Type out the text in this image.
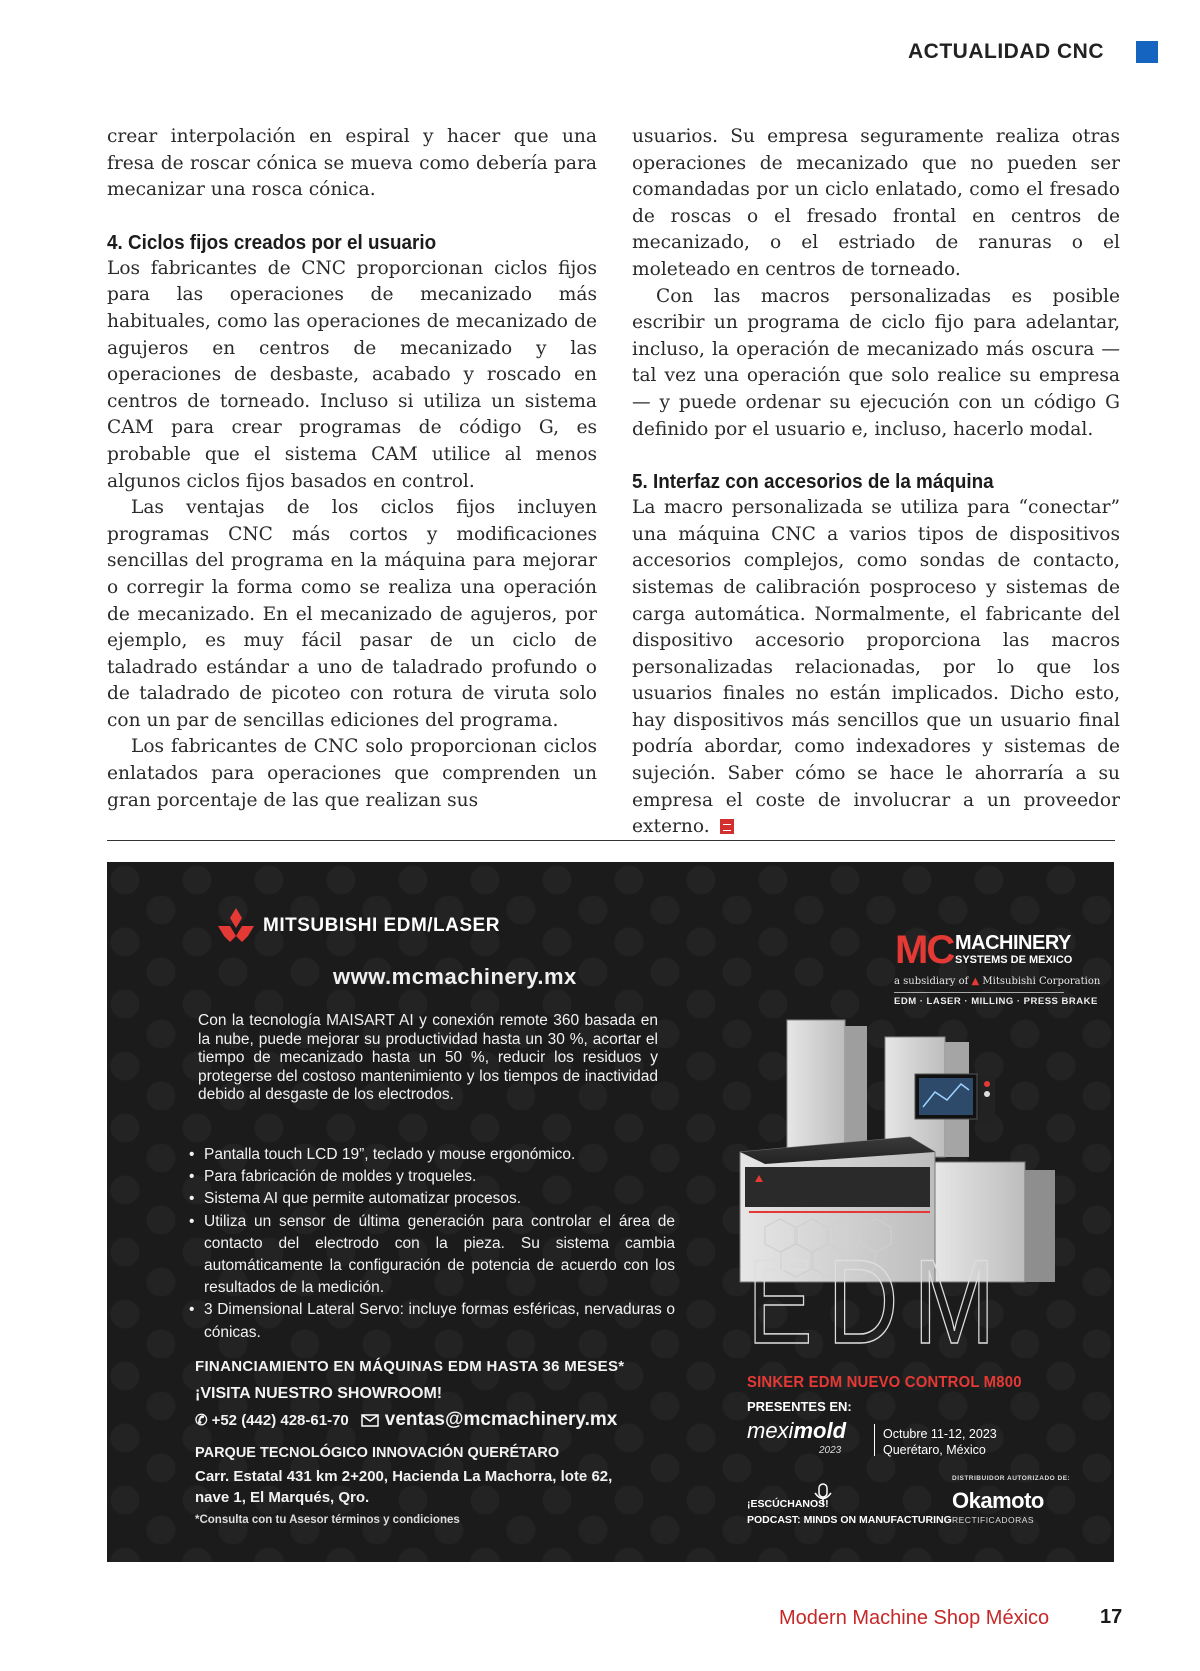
ACTUALIDAD CNC

crear interpolación en espiral y hacer que una fresa de roscar cónica se mueva como debería para mecanizar una rosca cónica.

4. Ciclos fijos creados por el usuario

Los fabricantes de CNC proporcionan ciclos fijos para las operaciones de mecanizado más habituales, como las operaciones de mecanizado de agujeros en centros de mecanizado y las operaciones de desbaste, acabado y roscado en centros de torneado. Incluso si utiliza un sistema CAM para crear programas de código G, es probable que el sistema CAM utilice al menos algunos ciclos fijos basados en control.

Las ventajas de los ciclos fijos incluyen programas CNC más cortos y modificaciones sencillas del programa en la máquina para mejorar o corregir la forma como se realiza una operación de mecanizado. En el mecanizado de agujeros, por ejemplo, es muy fácil pasar de un ciclo de taladrado estándar a uno de taladrado profundo o de taladrado de picoteo con rotura de viruta solo con un par de sencillas ediciones del programa.

Los fabricantes de CNC solo proporcionan ciclos enlatados para operaciones que comprenden un gran porcentaje de las que realizan sus

usuarios. Su empresa seguramente realiza otras operaciones de mecanizado que no pueden ser comandadas por un ciclo enlatado, como el fresado de roscas o el fresado frontal en centros de mecanizado, o el estriado de ranuras o el moleteado en centros de torneado.

Con las macros personalizadas es posible escribir un programa de ciclo fijo para adelantar, incluso, la operación de mecanizado más oscura —tal vez una operación que solo realice su empresa— y puede ordenar su ejecución con un código G definido por el usuario e, incluso, hacerlo modal.

5. Interfaz con accesorios de la máquina

La macro personalizada se utiliza para “conectar” una máquina CNC a varios tipos de dispositivos accesorios complejos, como sondas de contacto, sistemas de calibración posproceso y sistemas de carga automática. Normalmente, el fabricante del dispositivo accesorio proporciona las macros personalizadas relacionadas, por lo que los usuarios finales no están implicados. Dicho esto, hay dispositivos más sencillos que un usuario final podría abordar, como indexadores y sistemas de sujeción. Saber cómo se hace le ahorraría a su empresa el coste de involucrar a un proveedor externo.

MITSUBISHI EDM/LASER
www.mcmachinery.mx
Con la tecnología MAISART AI y conexión remote 360 basada en la nube, puede mejorar su productividad hasta un 30 %, acortar el tiempo de mecanizado hasta un 50 %, reducir los residuos y protegerse del costoso mantenimiento y los tiempos de inactividad debido al desgaste de los electrodos.
• Pantalla touch LCD 19”, teclado y mouse ergonómico.
• Para fabricación de moldes y troqueles.
• Sistema AI que permite automatizar procesos.
• Utiliza un sensor de última generación para controlar el área de contacto del electrodo con la pieza. Su sistema cambia automáticamente la configuración de potencia de acuerdo con los resultados de la medición.
• 3 Dimensional Lateral Servo: incluye formas esféricas, nervaduras o cónicas.
FINANCIAMIENTO EN MÁQUINAS EDM HASTA 36 MESES*
¡VISITA NUESTRO SHOWROOM!
✆ +52 (442) 428-61-70 ventas@mcmachinery.mx
PARQUE TECNOLÓGICO INNOVACIÓN QUERÉTARO
Carr. Estatal 431 km 2+200, Hacienda La Machorra, lote 62,
nave 1, El Marqués, Qro.
*Consulta con tu Asesor términos y condiciones
MC MACHINERY
SYSTEMS DE MEXICO
a subsidiary of ▲ Mitsubishi Corporation
EDM · LASER · MILLING · PRESS BRAKE
EDM
SINKER EDM NUEVO CONTROL M800
PRESENTES EN:
meximold
2023
Octubre 11-12, 2023
Querétaro, México
¡ESCÚCHANOS!
PODCAST: MINDS ON MANUFACTURING
DISTRIBUIDOR AUTORIZADO DE:
Okamoto
RECTIFICADORAS
Modern Machine Shop México	17
